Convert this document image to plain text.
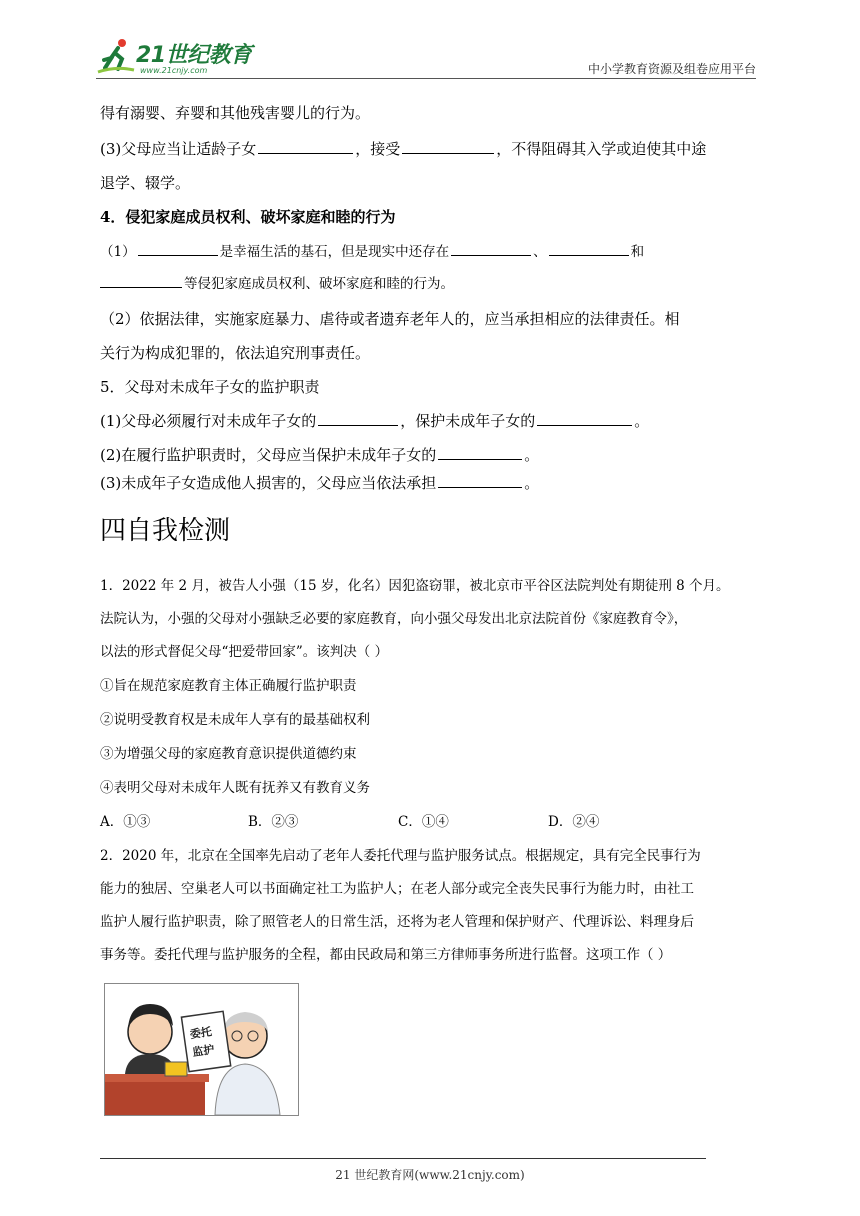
21世纪教育
www.21cnjy.com	中小学教育资源及组卷应用平台
得有溺婴、弃婴和其他残害婴儿的行为。
(3)父母应当让适龄子女	，接受	，不得阻碍其入学或迫使其中途
退学、辍学。
4．侵犯家庭成员权利、破坏家庭和睦的行为
（1）	是幸福生活的基石，但是现实中还存在	、	和
等侵犯家庭成员权利、破坏家庭和睦的行为。
（2）依据法律，实施家庭暴力、虐待或者遗弃老年人的，应当承担相应的法律责任。相
关行为构成犯罪的，依法追究刑事责任。
5．父母对未成年子女的监护职责
(1)父母必须履行对未成年子女的	，保护未成年子女的	。
(2)在履行监护职责时，父母应当保护未成年子女的	。
(3)未成年子女造成他人损害的，父母应当依法承担	。
四自我检测
1．2022 年 2 月，被告人小强（15 岁，化名）因犯盗窃罪，被北京市平谷区法院判处有期徒刑 8 个月。
法院认为，小强的父母对小强缺乏必要的家庭教育，向小强父母发出北京法院首份《家庭教育令》，
以法的形式督促父母“把爱带回家”。该判决（ ）
①旨在规范家庭教育主体正确履行监护职责
②说明受教育权是未成年人享有的最基础权利
③为增强父母的家庭教育意识提供道德约束
④表明父母对未成年人既有抚养又有教育义务
A．①③	B．②③	C．①④	D．②④
2．2020 年，北京在全国率先启动了老年人委托代理与监护服务试点。根据规定，具有完全民事行为
能力的独居、空巢老人可以书面确定社工为监护人；在老人部分或完全丧失民事行为能力时，由社工
监护人履行监护职责，除了照管老人的日常生活，还将为老人管理和保护财产、代理诉讼、料理身后
事务等。委托代理与监护服务的全程，都由民政局和第三方律师事务所进行监督。这项工作（ ）
委托
监护
21 世纪教育网(www.21cnjy.com)
